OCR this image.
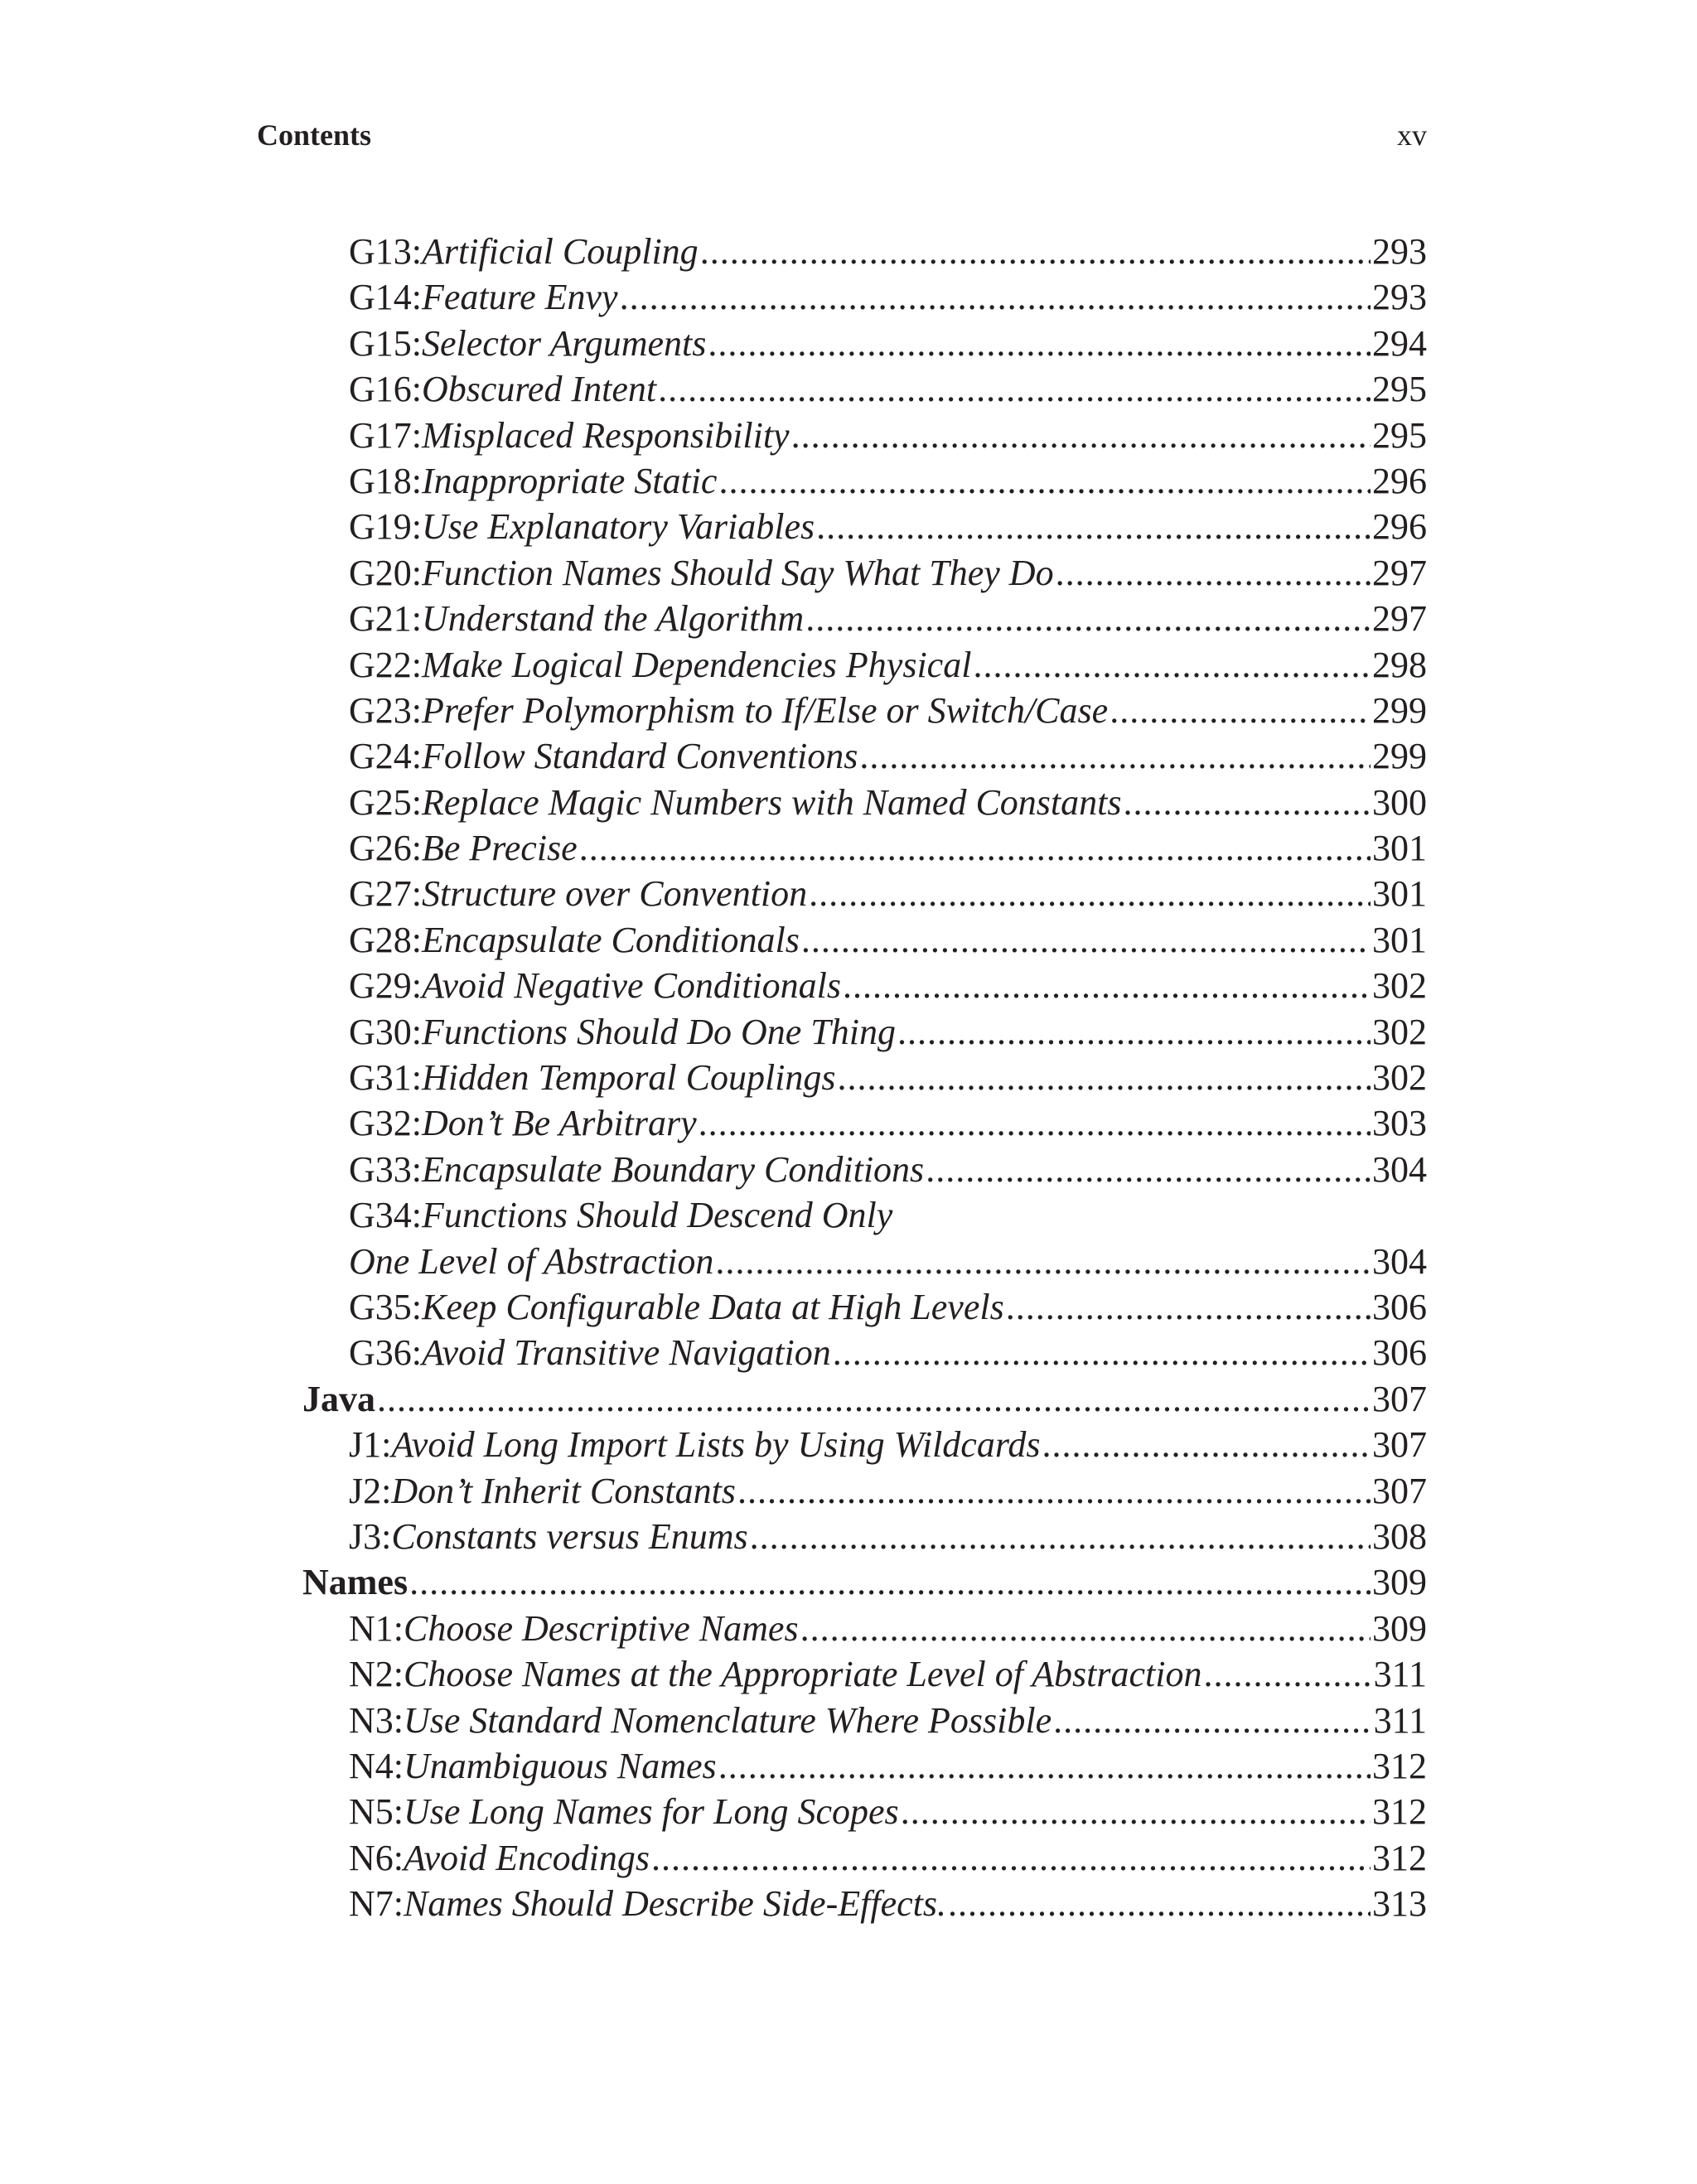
Contents	xv
G13: Artificial Coupling .....	293
G14: Feature Envy .....	293
G15: Selector Arguments .....	294
G16: Obscured Intent .....	295
G17: Misplaced Responsibility .....	295
G18: Inappropriate Static .....	296
G19: Use Explanatory Variables .....	296
G20: Function Names Should Say What They Do .....	297
G21: Understand the Algorithm .....	297
G22: Make Logical Dependencies Physical .....	298
G23: Prefer Polymorphism to If/Else or Switch/Case .....	299
G24: Follow Standard Conventions .....	299
G25: Replace Magic Numbers with Named Constants .....	300
G26: Be Precise .....	301
G27: Structure over Convention .....	301
G28: Encapsulate Conditionals .....	301
G29: Avoid Negative Conditionals .....	302
G30: Functions Should Do One Thing .....	302
G31: Hidden Temporal Couplings .....	302
G32: Don’t Be Arbitrary .....	303
G33: Encapsulate Boundary Conditions .....	304
G34: Functions Should Descend Only
One Level of Abstraction .....	304
G35: Keep Configurable Data at High Levels .....	306
G36: Avoid Transitive Navigation .....	306
Java .....	307
J1: Avoid Long Import Lists by Using Wildcards .....	307
J2: Don’t Inherit Constants .....	307
J3: Constants versus Enums .....	308
Names .....	309
N1: Choose Descriptive Names .....	309
N2: Choose Names at the Appropriate Level of Abstraction .....	311
N3: Use Standard Nomenclature Where Possible .....	311
N4: Unambiguous Names .....	312
N5: Use Long Names for Long Scopes .....	312
N6: Avoid Encodings .....	312
N7: Names Should Describe Side-Effects. .....	313
